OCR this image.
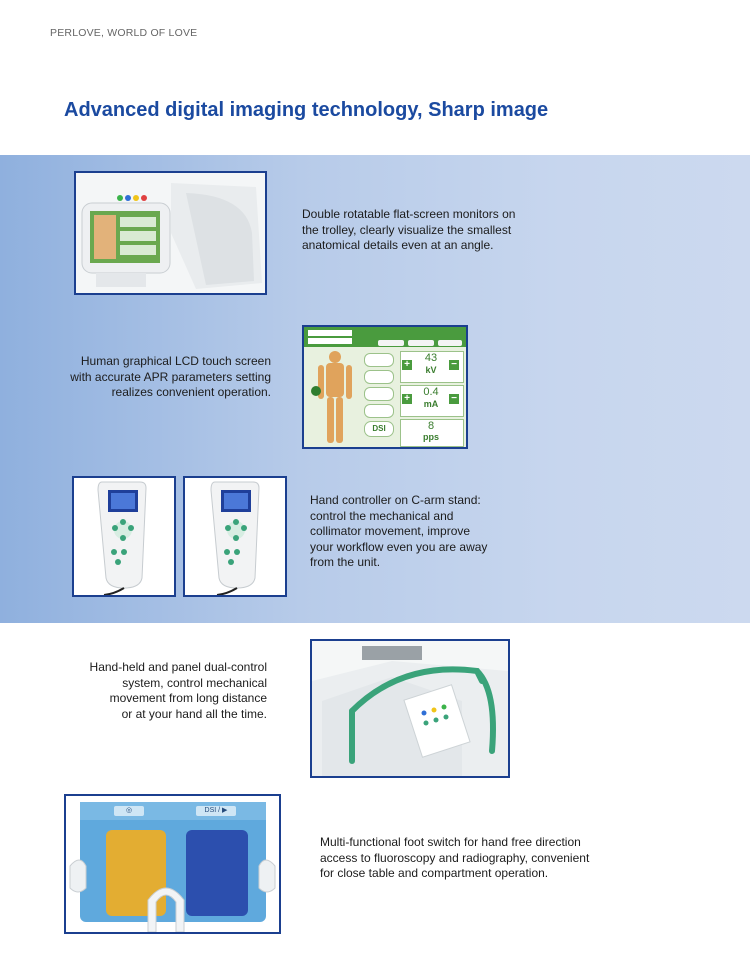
PERLOVE, WORLD OF LOVE
Advanced digital imaging technology, Sharp image
Double rotatable flat-screen monitors on
the trolley, clearly visualize the smallest
anatomical details even at an angle.
Human graphical LCD touch screen
with accurate APR parameters setting
realizes convenient operation.
DSI
+	−
43
kV
+	−
0.4
mA
8
pps
Hand controller on C-arm stand:
control the mechanical and
collimator movement, improve
your workflow even you are away
from the unit.
Hand-held and panel dual-control
system, control mechanical
movement from long distance
or at your hand all the time.
◎	DSI / ▶
Multi-functional foot switch for hand free direction
access to fluoroscopy and radiography, convenient
for close table and compartment operation.
